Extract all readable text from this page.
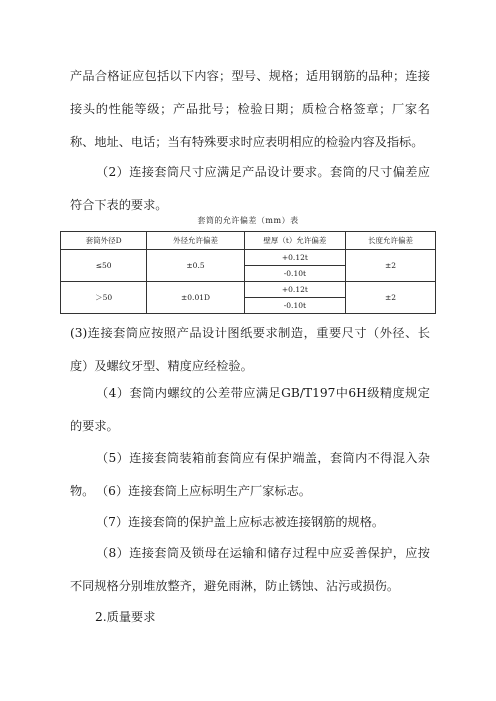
产品合格证应包括以下内容；型号、规格；适用钢筋的品种；连接接头的性能等级；产品批号；检验日期；质检合格签章；厂家名称、地址、电话；当有特殊要求时应表明相应的检验内容及指标。
（2）连接套筒尺寸应满足产品设计要求。套筒的尺寸偏差应符合下表的要求。
套筒的允许偏差（mm）表
套筒外径D	外径允许偏差	壁厚（t）允许偏差	长度允许偏差
≤50	±0.5	+0.12t	±2
		-0.10t	
＞50	±0.01D	+0.12t	±2
		-0.10t	
(3)连接套筒应按照产品设计图纸要求制造，重要尺寸（外径、长度）及螺纹牙型、精度应经检验。
（4）套筒内螺纹的公差带应满足GB/T197中6H级精度规定的要求。
（5）连接套筒装箱前套筒应有保护端盖，套筒内不得混入杂物。 （6）连接套筒上应标明生产厂家标志。
（7）连接套筒的保护盖上应标志被连接钢筋的规格。
（8）连接套筒及锁母在运输和储存过程中应妥善保护，应按不同规格分别堆放整齐，避免雨淋，防止锈蚀、沾污或损伤。
2.质量要求
